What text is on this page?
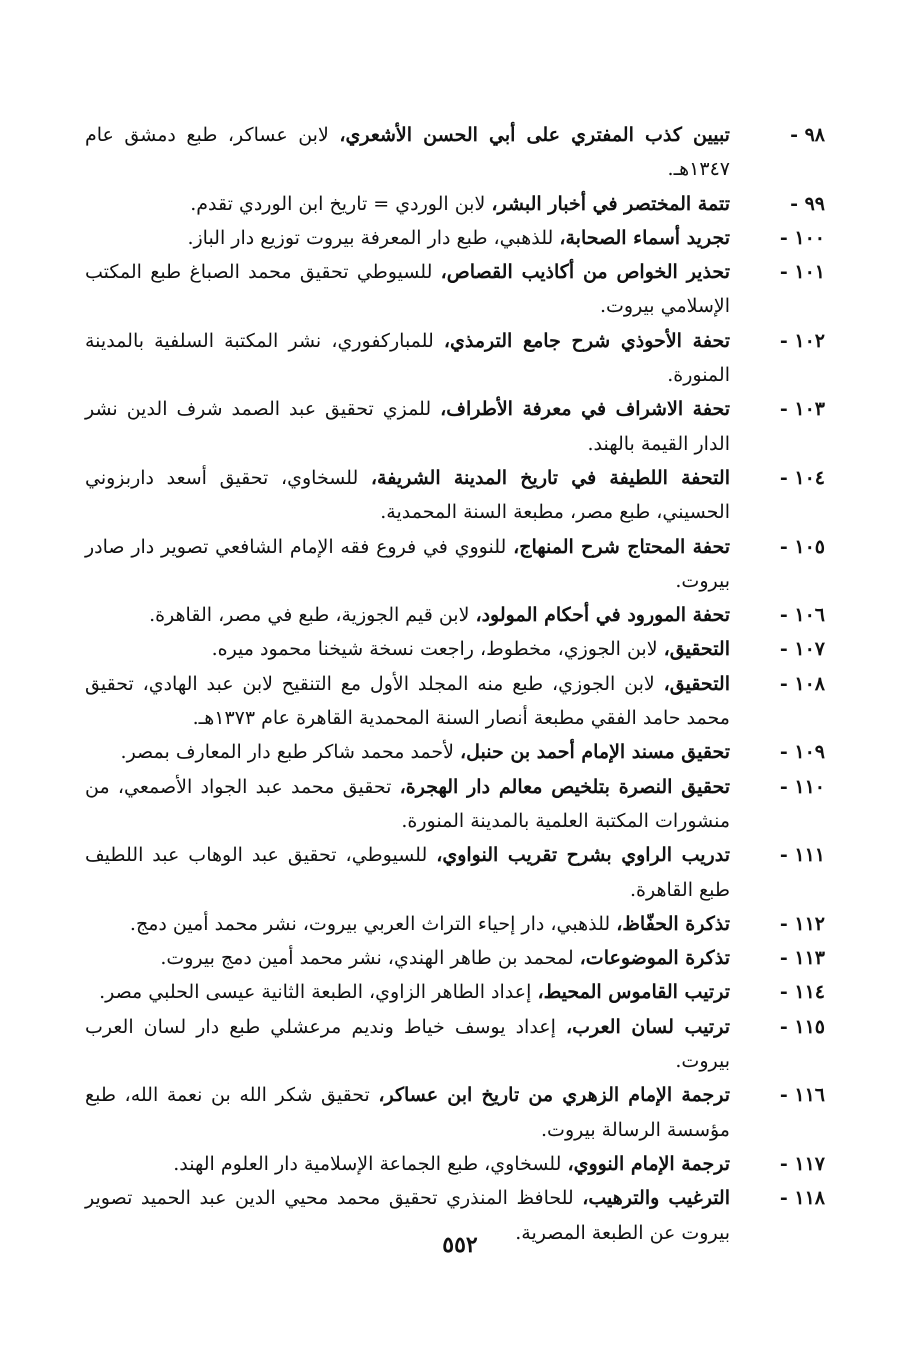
٩٨ -
تبيين كذب المفتري على أبي الحسن الأشعري، لابن عساكر، طبع دمشق عام ١٣٤٧هـ.
٩٩ -
تتمة المختصر في أخبار البشر، لابن الوردي = تاريخ ابن الوردي تقدم.
١٠٠ -
تجريد أسماء الصحابة، للذهبي، طبع دار المعرفة بيروت توزيع دار الباز.
١٠١ -
تحذير الخواص من أكاذيب القصاص، للسيوطي تحقيق محمد الصباغ طبع المكتب الإسلامي بيروت.
١٠٢ -
تحفة الأحوذي شرح جامع الترمذي، للمباركفوري، نشر المكتبة السلفية بالمدينة المنورة.
١٠٣ -
تحفة الاشراف في معرفة الأطراف، للمزي تحقيق عبد الصمد شرف الدين نشر الدار القيمة بالهند.
١٠٤ -
التحفة اللطيفة في تاريخ المدينة الشريفة، للسخاوي، تحقيق أسعد داربزوني الحسيني، طبع مصر، مطبعة السنة المحمدية.
١٠٥ -
تحفة المحتاج شرح المنهاج، للنووي في فروع فقه الإمام الشافعي تصوير دار صادر بيروت.
١٠٦ -
تحفة المورود في أحكام المولود، لابن قيم الجوزية، طبع في مصر، القاهرة.
١٠٧ -
التحقيق، لابن الجوزي، مخطوط، راجعت نسخة شيخنا محمود ميره.
١٠٨ -
التحقيق، لابن الجوزي، طبع منه المجلد الأول مع التنقيح لابن عبد الهادي، تحقيق محمد حامد الفقي مطبعة أنصار السنة المحمدية القاهرة عام ١٣٧٣هـ.
١٠٩ -
تحقيق مسند الإمام أحمد بن حنبل، لأحمد محمد شاكر طبع دار المعارف بمصر.
١١٠ -
تحقيق النصرة بتلخيص معالم دار الهجرة، تحقيق محمد عبد الجواد الأصمعي، من منشورات المكتبة العلمية بالمدينة المنورة.
١١١ -
تدريب الراوي بشرح تقريب النواوي، للسيوطي، تحقيق عبد الوهاب عبد اللطيف طبع القاهرة.
١١٢ -
تذكرة الحفّاظ، للذهبي، دار إحياء التراث العربي بيروت، نشر محمد أمين دمج.
١١٣ -
تذكرة الموضوعات، لمحمد بن طاهر الهندي، نشر محمد أمين دمج بيروت.
١١٤ -
ترتيب القاموس المحيط، إعداد الطاهر الزاوي، الطبعة الثانية عيسى الحلبي مصر.
١١٥ -
ترتيب لسان العرب، إعداد يوسف خياط ونديم مرعشلي طبع دار لسان العرب بيروت.
١١٦ -
ترجمة الإمام الزهري من تاريخ ابن عساكر، تحقيق شكر الله بن نعمة الله، طبع مؤسسة الرسالة بيروت.
١١٧ -
ترجمة الإمام النووي، للسخاوي، طبع الجماعة الإسلامية دار العلوم الهند.
١١٨ -
الترغيب والترهيب، للحافظ المنذري تحقيق محمد محيي الدين عبد الحميد تصوير بيروت عن الطبعة المصرية.
٥٥٢
